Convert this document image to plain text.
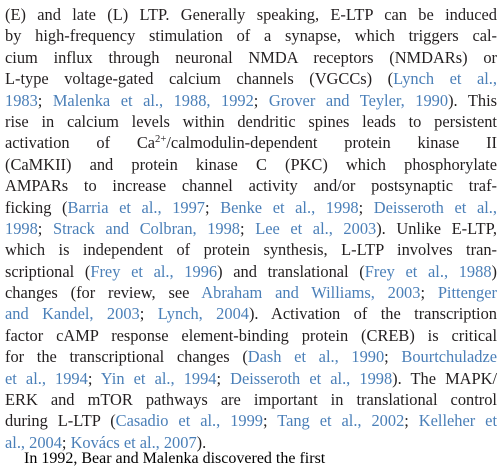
(E) and late (L) LTP. Generally speaking, E-LTP can be induced
by high-frequency stimulation of a synapse, which triggers cal-
cium influx through neuronal NMDA receptors (NMDARs) or
L-type voltage-gated calcium channels (VGCCs) (Lynch et al.,
1983; Malenka et al., 1988, 1992; Grover and Teyler, 1990). This
rise in calcium levels within dendritic spines leads to persistent
activation of $Ca^{2+}/calmodulin$-dependent protein kinase II
(CaMKII) and protein kinase C (PKC) which phosphorylate
AMPARs to increase channel activity and/or postsynaptic traf-
ficking (Barria et al., 1997; Benke et al., 1998; Deisseroth et al.,
1998; Strack and Colbran, 1998; Lee et al., 2003). Unlike E-LTP,
which is independent of protein synthesis, L-LTP involves tran-
scriptional (Frey et al., 1996) and translational (Frey et al., 1988)
changes (for review, see Abraham and Williams, 2003; Pittenger
and Kandel, 2003; Lynch, 2004). Activation of the transcription
factor cAMP response element-binding protein (CREB) is critical
for the transcriptional changes (Dash et al., 1990; Bourtchuladze
et al., 1994; Yin et al., 1994; Deisseroth et al., 1998). The MAPK/
ERK and mTOR pathways are important in translational control
during L-LTP (Casadio et al., 1999; Tang et al., 2002; Kelleher et
al., 2004; Kovács et al., 2007).
In 1992, Bear and Malenka discovered the first
